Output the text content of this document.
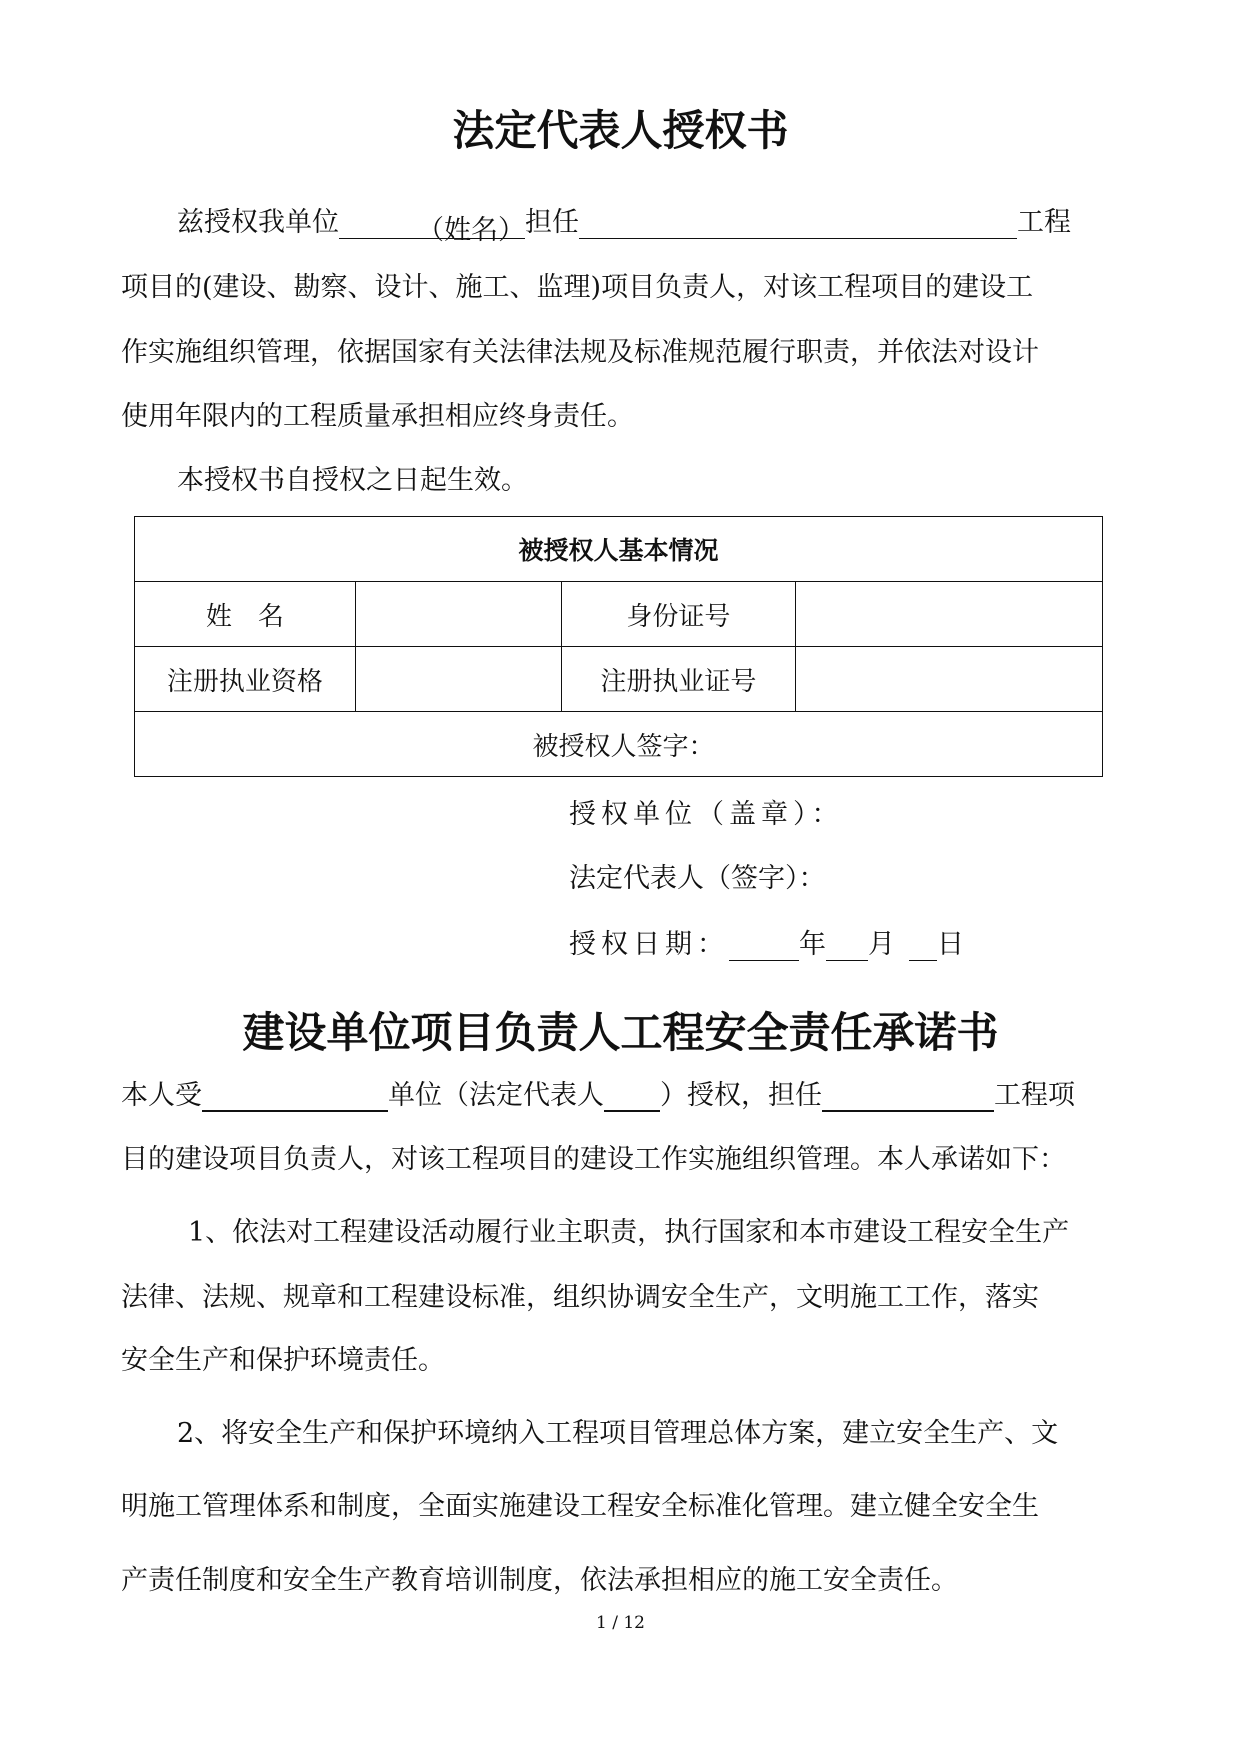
法定代表人授权书
兹授权我单位	（姓名）担任	工程
项目的(建设、勘察、设计、施工、监理)项目负责人，对该工程项目的建设工
作实施组织管理，依据国家有关法律法规及标准规范履行职责，并依法对设计
使用年限内的工程质量承担相应终身责任。
本授权书自授权之日起生效。
被授权人基本情况			
姓　名		身份证号	
注册执业资格		注册执业证号	
被授权人签字：			
授权单位（盖章）：
法定代表人（签字）：
授权日期：	年 月 日
建设单位项目负责人工程安全责任承诺书
本人受	单位（法定代表人 ）授权，担任	工程项
目的建设项目负责人，对该工程项目的建设工作实施组织管理。本人承诺如下：
1、依法对工程建设活动履行业主职责，执行国家和本市建设工程安全生产
法律、法规、规章和工程建设标准，组织协调安全生产，文明施工工作，落实
安全生产和保护环境责任。
2、将安全生产和保护环境纳入工程项目管理总体方案，建立安全生产、文
明施工管理体系和制度，全面实施建设工程安全标准化管理。建立健全安全生
产责任制度和安全生产教育培训制度，依法承担相应的施工安全责任。
1 / 12
